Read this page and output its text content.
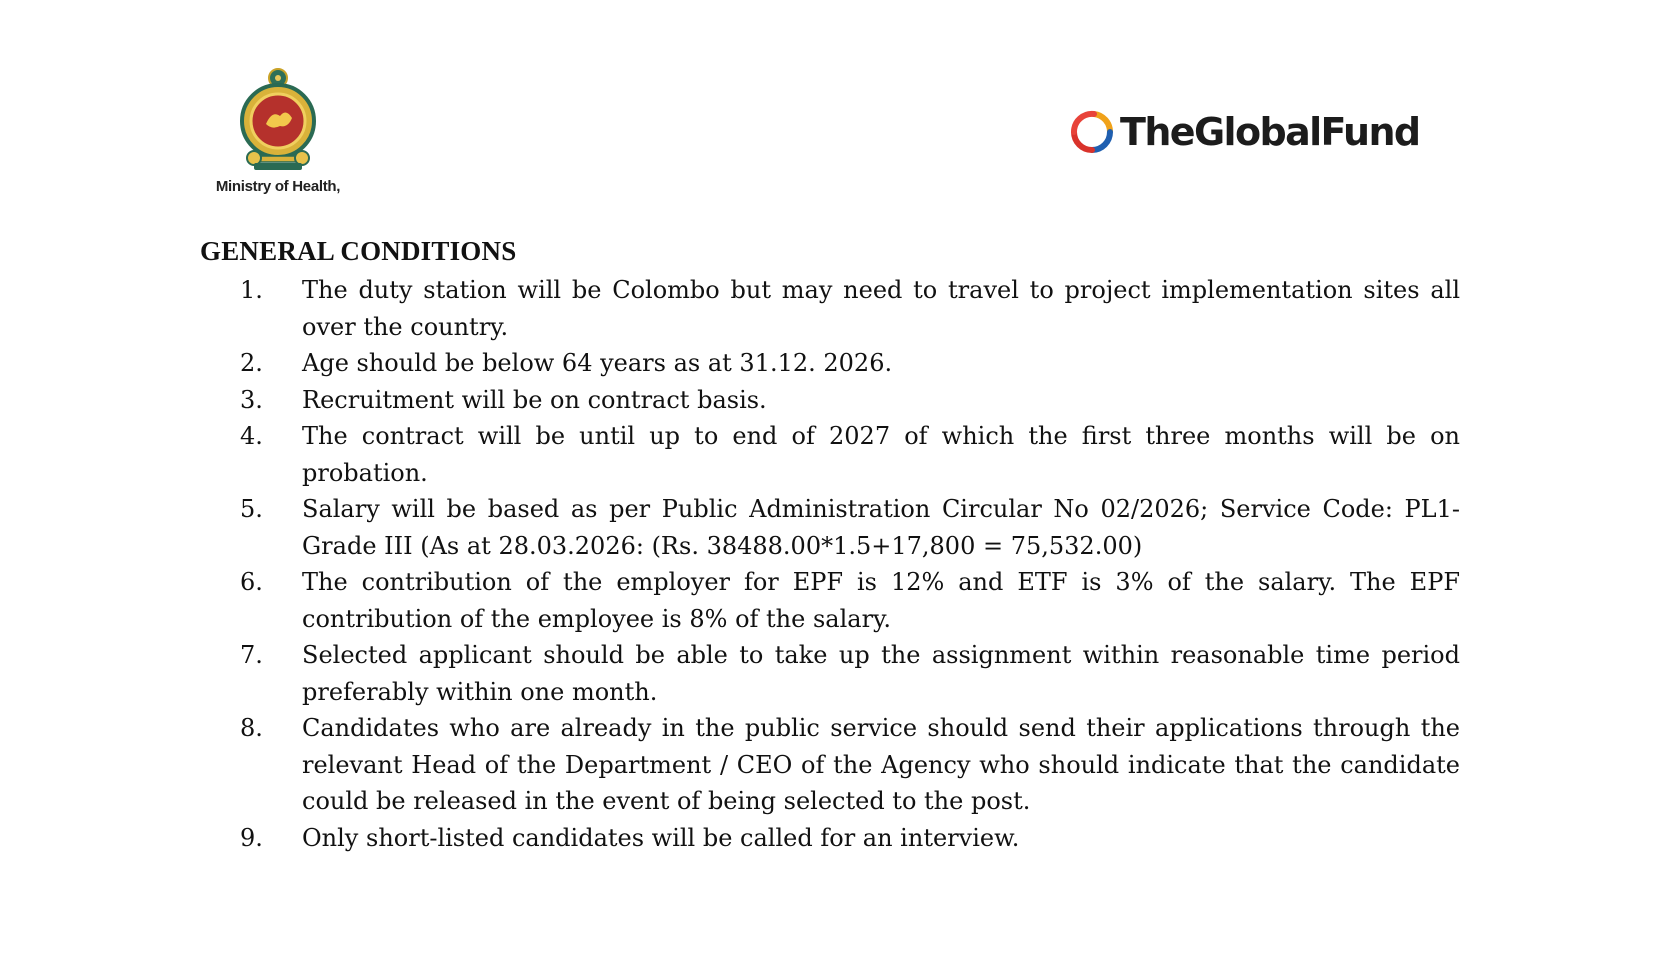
Ministry of Health,
TheGlobalFund
GENERAL CONDITIONS
1.	The duty station will be Colombo but may need to travel to project implementation sites all over the country.
2.	Age should be below 64 years as at 31.12. 2026.
3.	Recruitment will be on contract basis.
4.	The contract will be until up to end of 2027 of which the first three months will be on probation.
5.	Salary will be based as per Public Administration Circular No 02/2026; Service Code: PL1-Grade III (As at 28.03.2026: (Rs. 38488.00*1.5+17,800 = 75,532.00)
6.	The contribution of the employer for EPF is 12% and ETF is 3% of the salary. The EPF contribution of the employee is 8% of the salary.
7.	Selected applicant should be able to take up the assignment within reasonable time period preferably within one month.
8.	Candidates who are already in the public service should send their applications through the relevant Head of the Department / CEO of the Agency who should indicate that the candidate could be released in the event of being selected to the post.
9.	Only short-listed candidates will be called for an interview.
